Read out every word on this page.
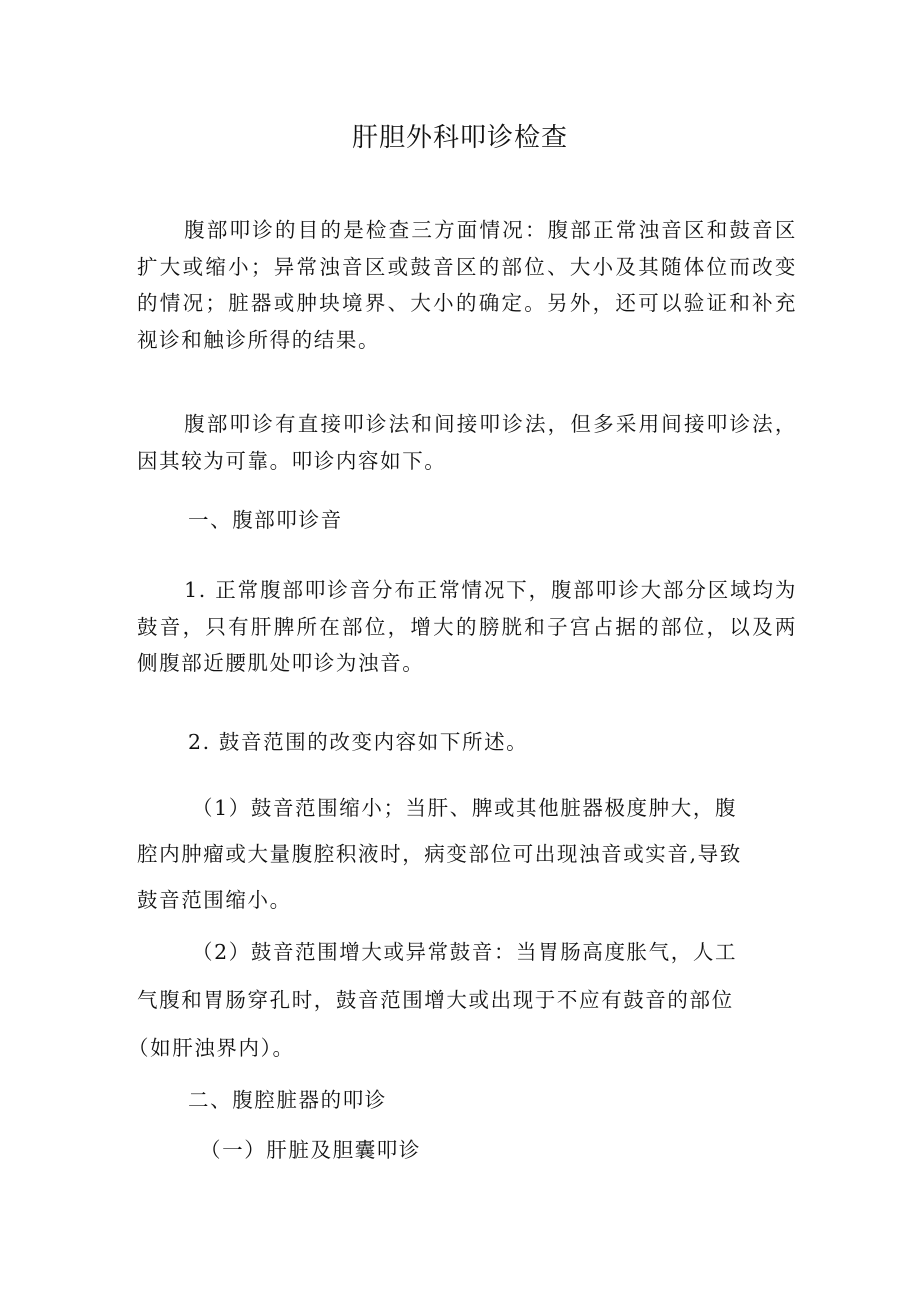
肝胆外科叩诊检查
腹部叩诊的目的是检查三方面情况：腹部正常浊音区和鼓音区扩大或缩小；异常浊音区或鼓音区的部位、大小及其随体位而改变的情况；脏器或肿块境界、大小的确定。另外，还可以验证和补充视诊和触诊所得的结果。
腹部叩诊有直接叩诊法和间接叩诊法，但多采用间接叩诊法，因其较为可靠。叩诊内容如下。
一、腹部叩诊音
1. 正常腹部叩诊音分布正常情况下，腹部叩诊大部分区域均为鼓音，只有肝脾所在部位，增大的膀胱和子宫占据的部位，以及两侧腹部近腰肌处叩诊为浊音。
2. 鼓音范围的改变内容如下所述。
（1）鼓音范围缩小；当肝、脾或其他脏器极度肿大，腹
腔内肿瘤或大量腹腔积液时，病变部位可出现浊音或实音,导致
鼓音范围缩小。
（2）鼓音范围增大或异常鼓音：当胃肠高度胀气，人工
气腹和胃肠穿孔时，鼓音范围增大或出现于不应有鼓音的部位
（如肝浊界内）。
二、腹腔脏器的叩诊
（一）肝脏及胆囊叩诊
